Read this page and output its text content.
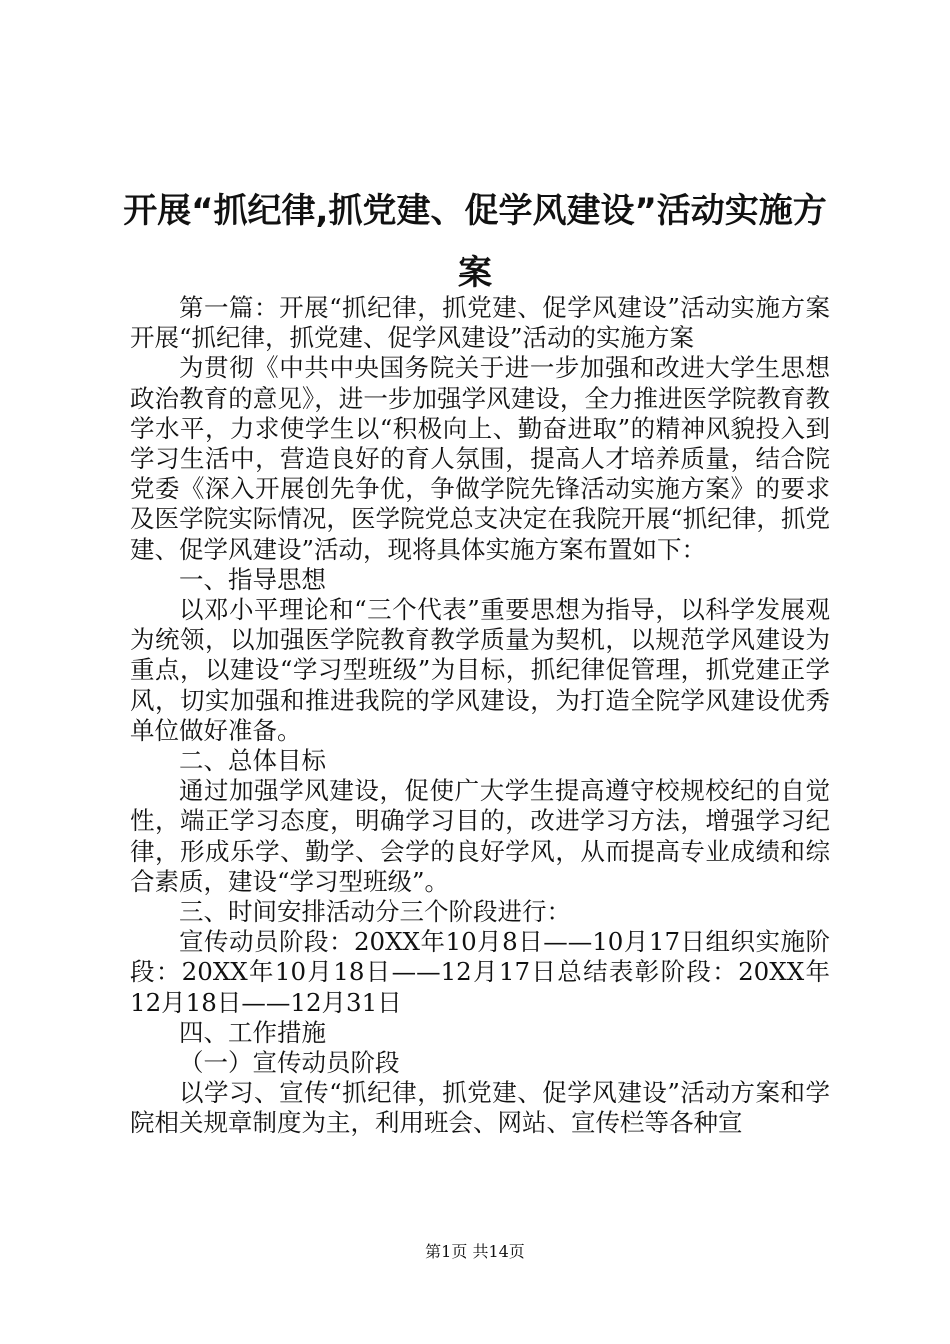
开展“抓纪律,抓党建、促学风建设”活动实施方案

第一篇：开展“抓纪律，抓党建、促学风建设”活动实施方案开展“抓纪律，抓党建、促学风建设”活动的实施方案

为贯彻《中共中央国务院关于进一步加强和改进大学生思想政治教育的意见》，进一步加强学风建设，全力推进医学院教育教学水平，力求使学生以“积极向上、勤奋进取”的精神风貌投入到学习生活中，营造良好的育人氛围，提高人才培养质量，结合院党委《深入开展创先争优，争做学院先锋活动实施方案》的要求及医学院实际情况，医学院党总支决定在我院开展“抓纪律，抓党建、促学风建设”活动，现将具体实施方案布置如下：

一、指导思想

以邓小平理论和“三个代表”重要思想为指导，以科学发展观为统领，以加强医学院教育教学质量为契机，以规范学风建设为重点，以建设“学习型班级”为目标，抓纪律促管理，抓党建正学风，切实加强和推进我院的学风建设，为打造全院学风建设优秀单位做好准备。

二、总体目标

通过加强学风建设，促使广大学生提高遵守校规校纪的自觉性，端正学习态度，明确学习目的，改进学习方法，增强学习纪律，形成乐学、勤学、会学的良好学风，从而提高专业成绩和综合素质，建设“学习型班级”。

三、时间安排活动分三个阶段进行：

宣传动员阶段：20XX年10月8日——10月17日组织实施阶段：20XX年10月18日——12月17日总结表彰阶段：20XX年12月18日——12月31日

四、工作措施

（一）宣传动员阶段

以学习、宣传“抓纪律，抓党建、促学风建设”活动方案和学院相关规章制度为主，利用班会、网站、宣传栏等各种宣

第1页 共14页
